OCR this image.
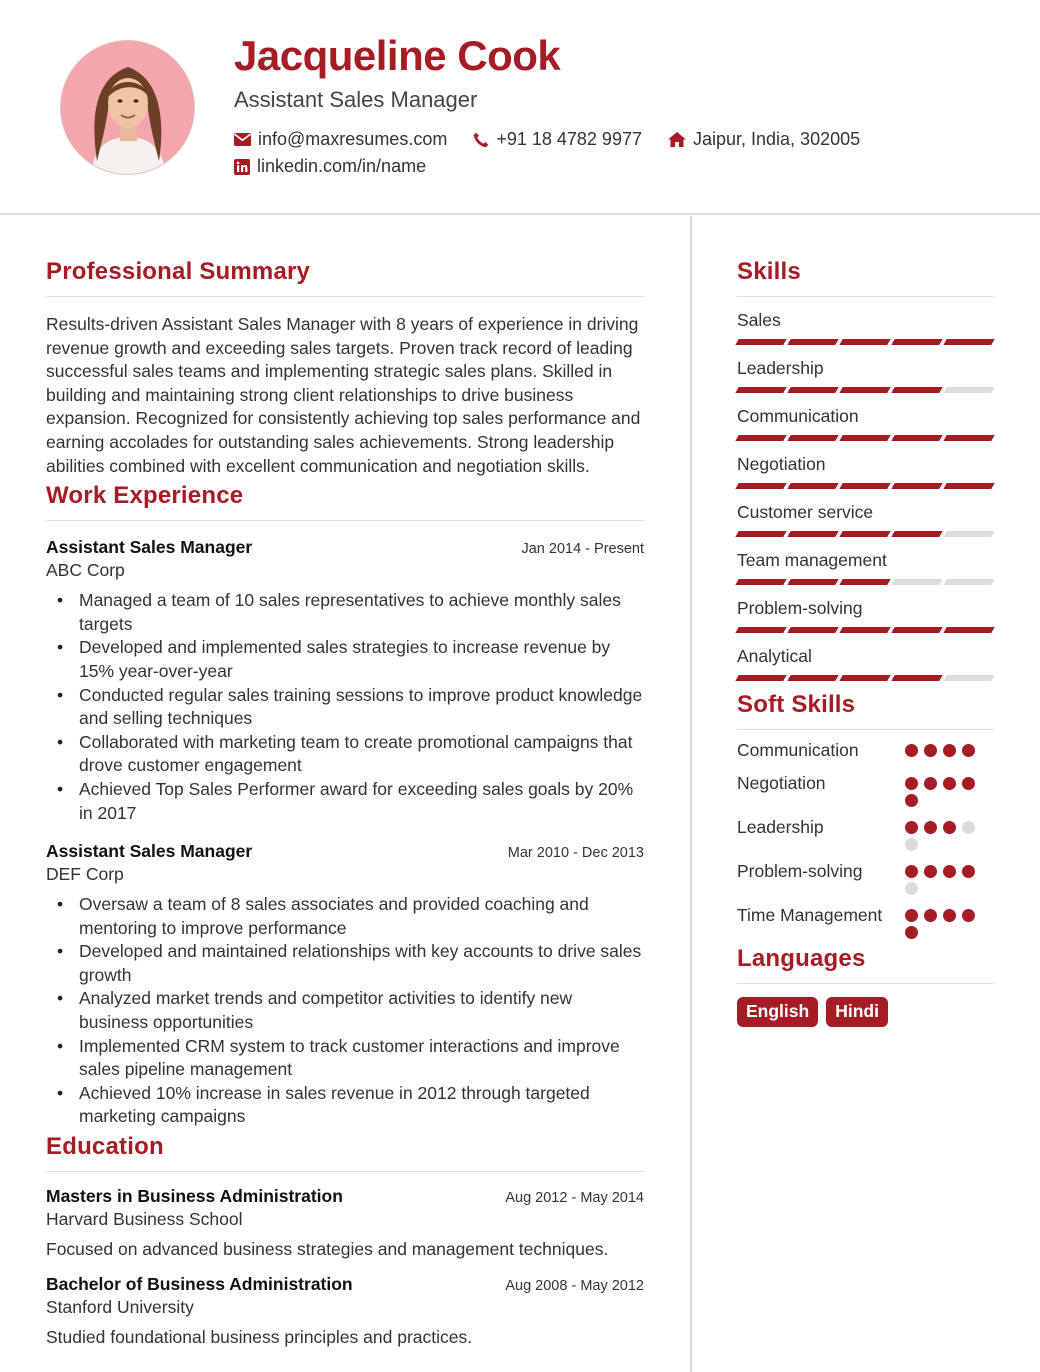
Jacqueline Cook
Assistant Sales Manager
info@maxresumes.com	+91 18 4782 9977	Jaipur, India, 302005
linkedin.com/in/name
Professional Summary

Results-driven Assistant Sales Manager with 8 years of experience in driving revenue growth and exceeding sales targets. Proven track record of leading successful sales teams and implementing strategic sales plans. Skilled in building and maintaining strong client relationships to drive business expansion. Recognized for consistently achieving top sales performance and earning accolades for outstanding sales achievements. Strong leadership abilities combined with excellent communication and negotiation skills.

Work Experience
Assistant Sales Manager	Jan 2014 - Present
ABC Corp
• Managed a team of 10 sales representatives to achieve monthly sales targets
• Developed and implemented sales strategies to increase revenue by 15% year-over-year
• Conducted regular sales training sessions to improve product knowledge and selling techniques
• Collaborated with marketing team to create promotional campaigns that drove customer engagement
• Achieved Top Sales Performer award for exceeding sales goals by 20% in 2017
Assistant Sales Manager	Mar 2010 - Dec 2013
DEF Corp
• Oversaw a team of 8 sales associates and provided coaching and mentoring to improve performance
• Developed and maintained relationships with key accounts to drive sales growth
• Analyzed market trends and competitor activities to identify new business opportunities
• Implemented CRM system to track customer interactions and improve sales pipeline management
• Achieved 10% increase in sales revenue in 2012 through targeted marketing campaigns
Education
Masters in Business Administration	Aug 2012 - May 2014
Harvard Business School
Focused on advanced business strategies and management techniques.
Bachelor of Business Administration	Aug 2008 - May 2012
Stanford University
Studied foundational business principles and practices.
Skills
Sales
Leadership
Communication
Negotiation
Customer service
Team management
Problem-solving
Analytical
Soft Skills
Communication
Negotiation
Leadership
Problem-solving
Time Management
Languages
English	Hindi
